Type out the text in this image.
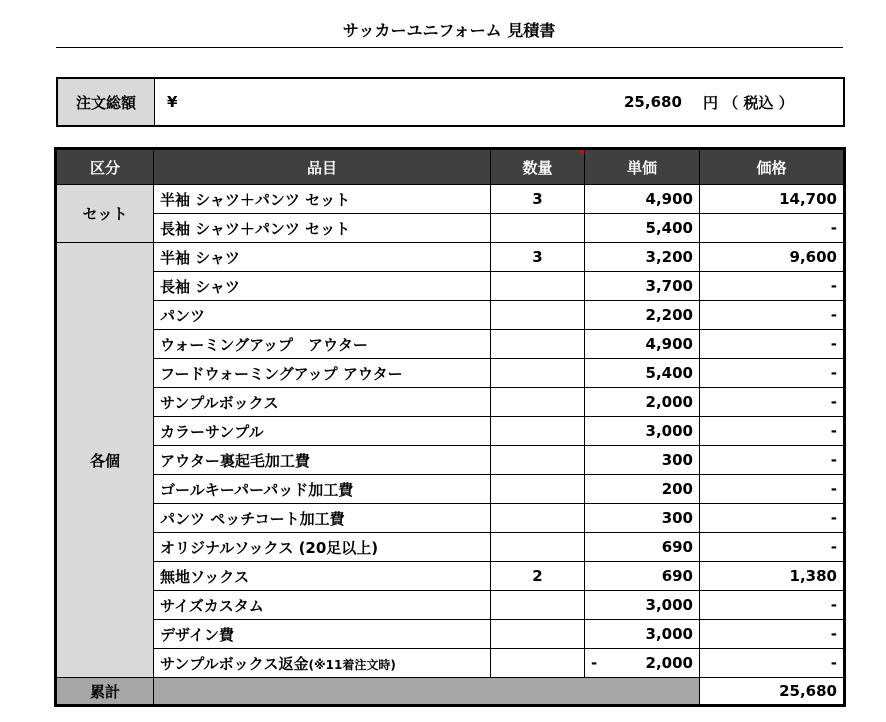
サッカーユニフォーム 見積書
注文総額	¥	25,680 円 （ 税込 ）
区分	品目	数量	単価	価格
セット	半袖 シャツ＋パンツ セット	3	4,900	14,700
	長袖 シャツ＋パンツ セット		5,400	-
各個	半袖 シャツ	3	3,200	9,600
	長袖 シャツ		3,700	-
	パンツ		2,200	-
	ウォーミングアップ　アウター		4,900	-
	フードウォーミングアップ アウター		5,400	-
	サンプルボックス		2,000	-
	カラーサンプル		3,000	-
	アウター裏起毛加工費		300	-
	ゴールキーパーパッド加工費		200	-
	パンツ ペッチコート加工費		300	-
	オリジナルソックス (20足以上)		690	-
	無地ソックス	2	690	1,380
	サイズカスタム		3,000	-
	デザイン費		3,000	-
	サンプルボックス返金(※11着注文時)		- 2,000	-
累計				25,680
